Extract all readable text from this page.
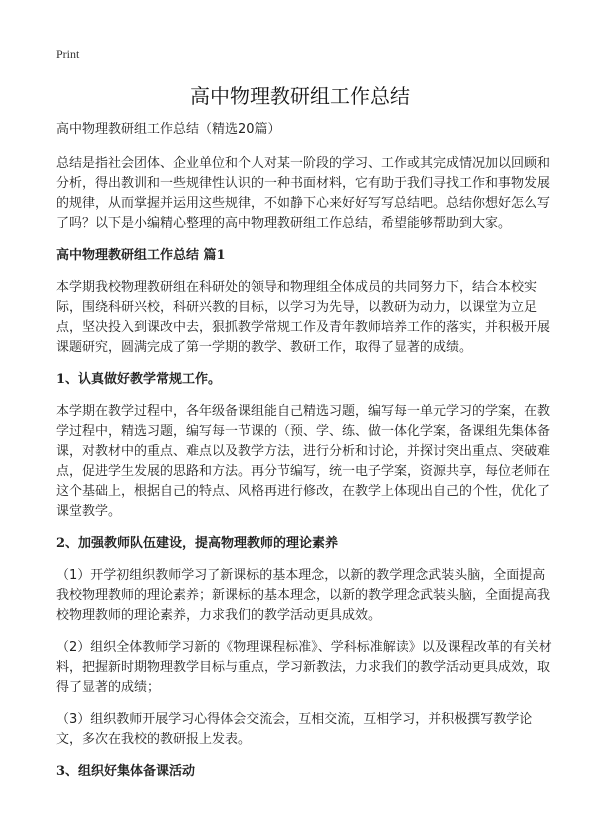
Print
高中物理教研组工作总结

高中物理教研组工作总结（精选20篇）

总结是指社会团体、企业单位和个人对某一阶段的学习、工作或其完成情况加以回顾和分析，得出教训和一些规律性认识的一种书面材料，它有助于我们寻找工作和事物发展的规律，从而掌握并运用这些规律，不如静下心来好好写写总结吧。总结你想好怎么写了吗？以下是小编精心整理的高中物理教研组工作总结，希望能够帮助到大家。

高中物理教研组工作总结 篇1

本学期我校物理教研组在科研处的领导和物理组全体成员的共同努力下，结合本校实际，围绕科研兴校，科研兴教的目标，以学习为先导，以教研为动力，以课堂为立足点，坚决投入到课改中去，狠抓教学常规工作及青年教师培养工作的落实，并积极开展课题研究，圆满完成了第一学期的教学、教研工作，取得了显著的成绩。

1、认真做好教学常规工作。

本学期在教学过程中，各年级备课组能自己精选习题，编写每一单元学习的学案，在教学过程中，精选习题，编写每一节课的（预、学、练、做一体化学案，备课组先集体备课，对教材中的重点、难点以及教学方法，进行分析和讨论，并探讨突出重点、突破难点，促进学生发展的思路和方法。再分节编写，统一电子学案，资源共享，每位老师在这个基础上，根据自己的特点、风格再进行修改，在教学上体现出自己的个性，优化了课堂教学。

2、加强教师队伍建设，提高物理教师的理论素养

（1）开学初组织教师学习了新课标的基本理念，以新的教学理念武装头脑，全面提高我校物理教师的理论素养；新课标的基本理念，以新的教学理念武装头脑，全面提高我校物理教师的理论素养，力求我们的教学活动更具成效。

（2）组织全体教师学习新的《物理课程标准》、学科标准解读》以及课程改革的有关材料，把握新时期物理教学目标与重点，学习新教法，力求我们的教学活动更具成效，取得了显著的成绩；

（3）组织教师开展学习心得体会交流会，互相交流，互相学习，并积极撰写教学论文，多次在我校的教研报上发表。

3、组织好集体备课活动
